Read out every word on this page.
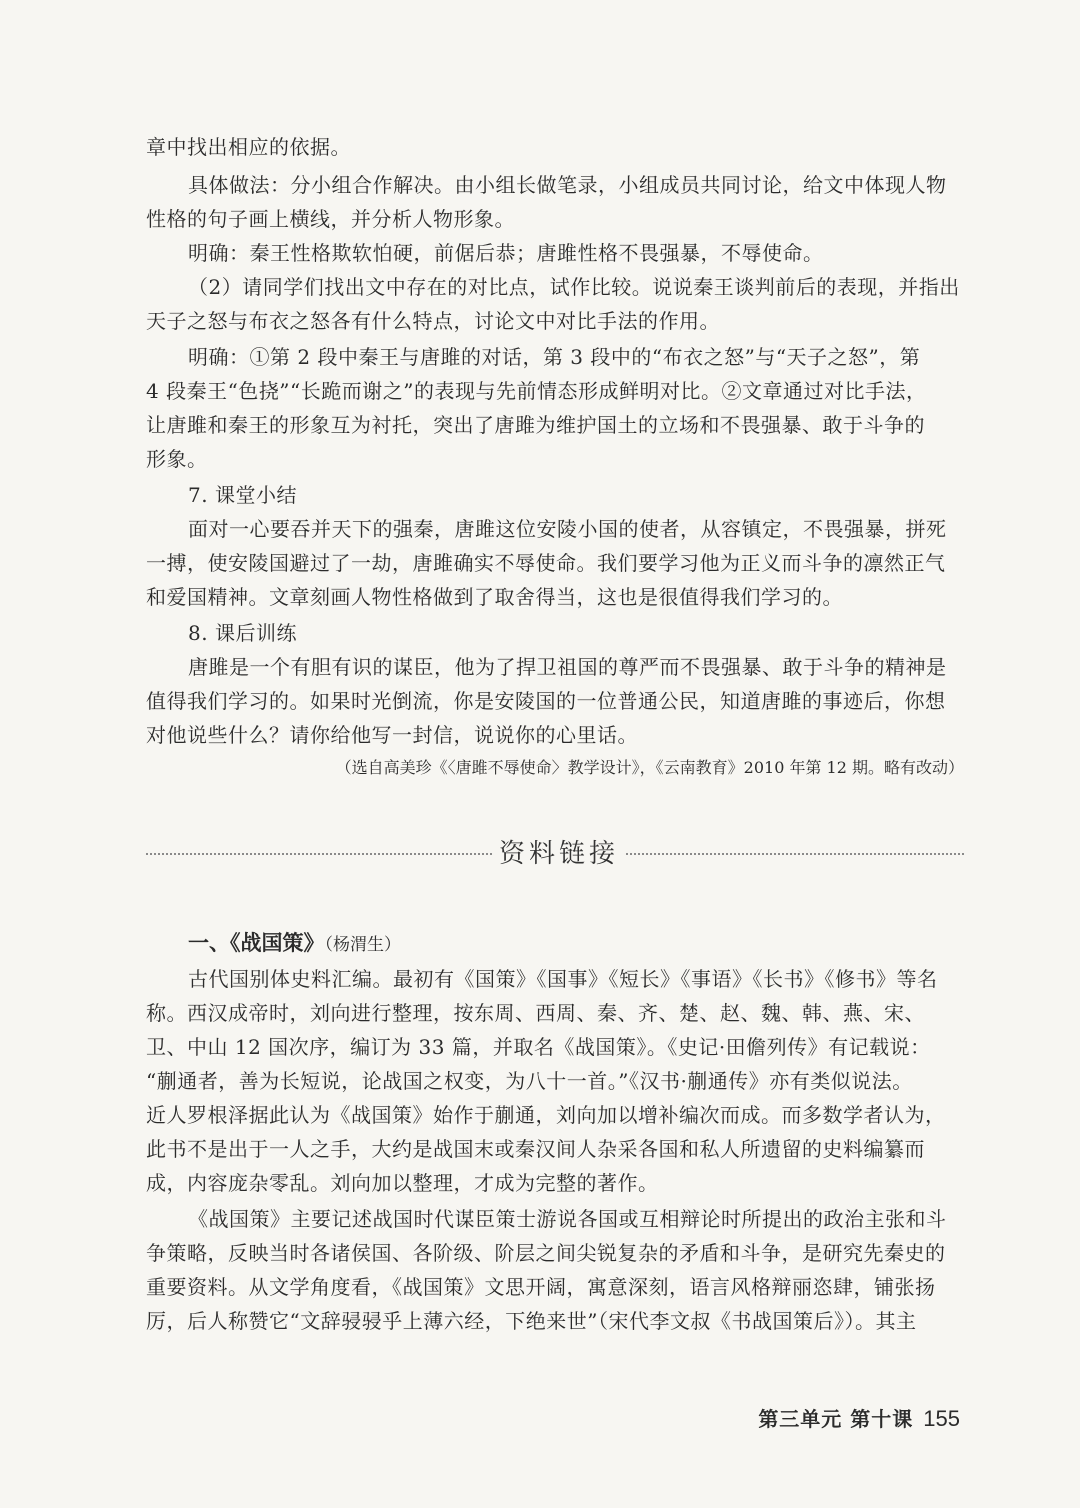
章中找出相应的依据。
具体做法：分小组合作解决。由小组长做笔录，小组成员共同讨论，给文中体现人物
性格的句子画上横线，并分析人物形象。
明确：秦王性格欺软怕硬，前倨后恭；唐雎性格不畏强暴，不辱使命。
（2）请同学们找出文中存在的对比点，试作比较。说说秦王谈判前后的表现，并指出
天子之怒与布衣之怒各有什么特点，讨论文中对比手法的作用。
明确：①第 2 段中秦王与唐雎的对话，第 3 段中的“布衣之怒”与“天子之怒”，第
4 段秦王“色挠”“长跪而谢之”的表现与先前情态形成鲜明对比。②文章通过对比手法，
让唐雎和秦王的形象互为衬托，突出了唐雎为维护国土的立场和不畏强暴、敢于斗争的
形象。
7. 课堂小结
面对一心要吞并天下的强秦，唐雎这位安陵小国的使者，从容镇定，不畏强暴，拼死
一搏，使安陵国避过了一劫，唐雎确实不辱使命。我们要学习他为正义而斗争的凛然正气
和爱国精神。文章刻画人物性格做到了取舍得当，这也是很值得我们学习的。
8. 课后训练
唐雎是一个有胆有识的谋臣，他为了捍卫祖国的尊严而不畏强暴、敢于斗争的精神是
值得我们学习的。如果时光倒流，你是安陵国的一位普通公民，知道唐雎的事迹后，你想
对他说些什么？请你给他写一封信，说说你的心里话。
（选自高美珍《〈唐雎不辱使命〉教学设计》，《云南教育》2010 年第 12 期。略有改动）
资料链接
一、《战国策》（杨渭生）
古代国别体史料汇编。最初有《国策》《国事》《短长》《事语》《长书》《修书》等名
称。西汉成帝时，刘向进行整理，按东周、西周、秦、齐、楚、赵、魏、韩、燕、宋、
卫、中山 12 国次序，编订为 33 篇，并取名《战国策》。《史记·田儋列传》有记载说：
“蒯通者，善为长短说，论战国之权变，为八十一首。”《汉书·蒯通传》亦有类似说法。
近人罗根泽据此认为《战国策》始作于蒯通，刘向加以增补编次而成。而多数学者认为，
此书不是出于一人之手，大约是战国末或秦汉间人杂采各国和私人所遗留的史料编纂而
成，内容庞杂零乱。刘向加以整理，才成为完整的著作。
《战国策》主要记述战国时代谋臣策士游说各国或互相辩论时所提出的政治主张和斗
争策略，反映当时各诸侯国、各阶级、阶层之间尖锐复杂的矛盾和斗争，是研究先秦史的
重要资料。从文学角度看，《战国策》文思开阔，寓意深刻，语言风格辩丽恣肆，铺张扬
厉，后人称赞它“文辞骎骎乎上薄六经，下绝来世”（宋代李文叔《书战国策后》）。其主
第三单元 第十课 155
